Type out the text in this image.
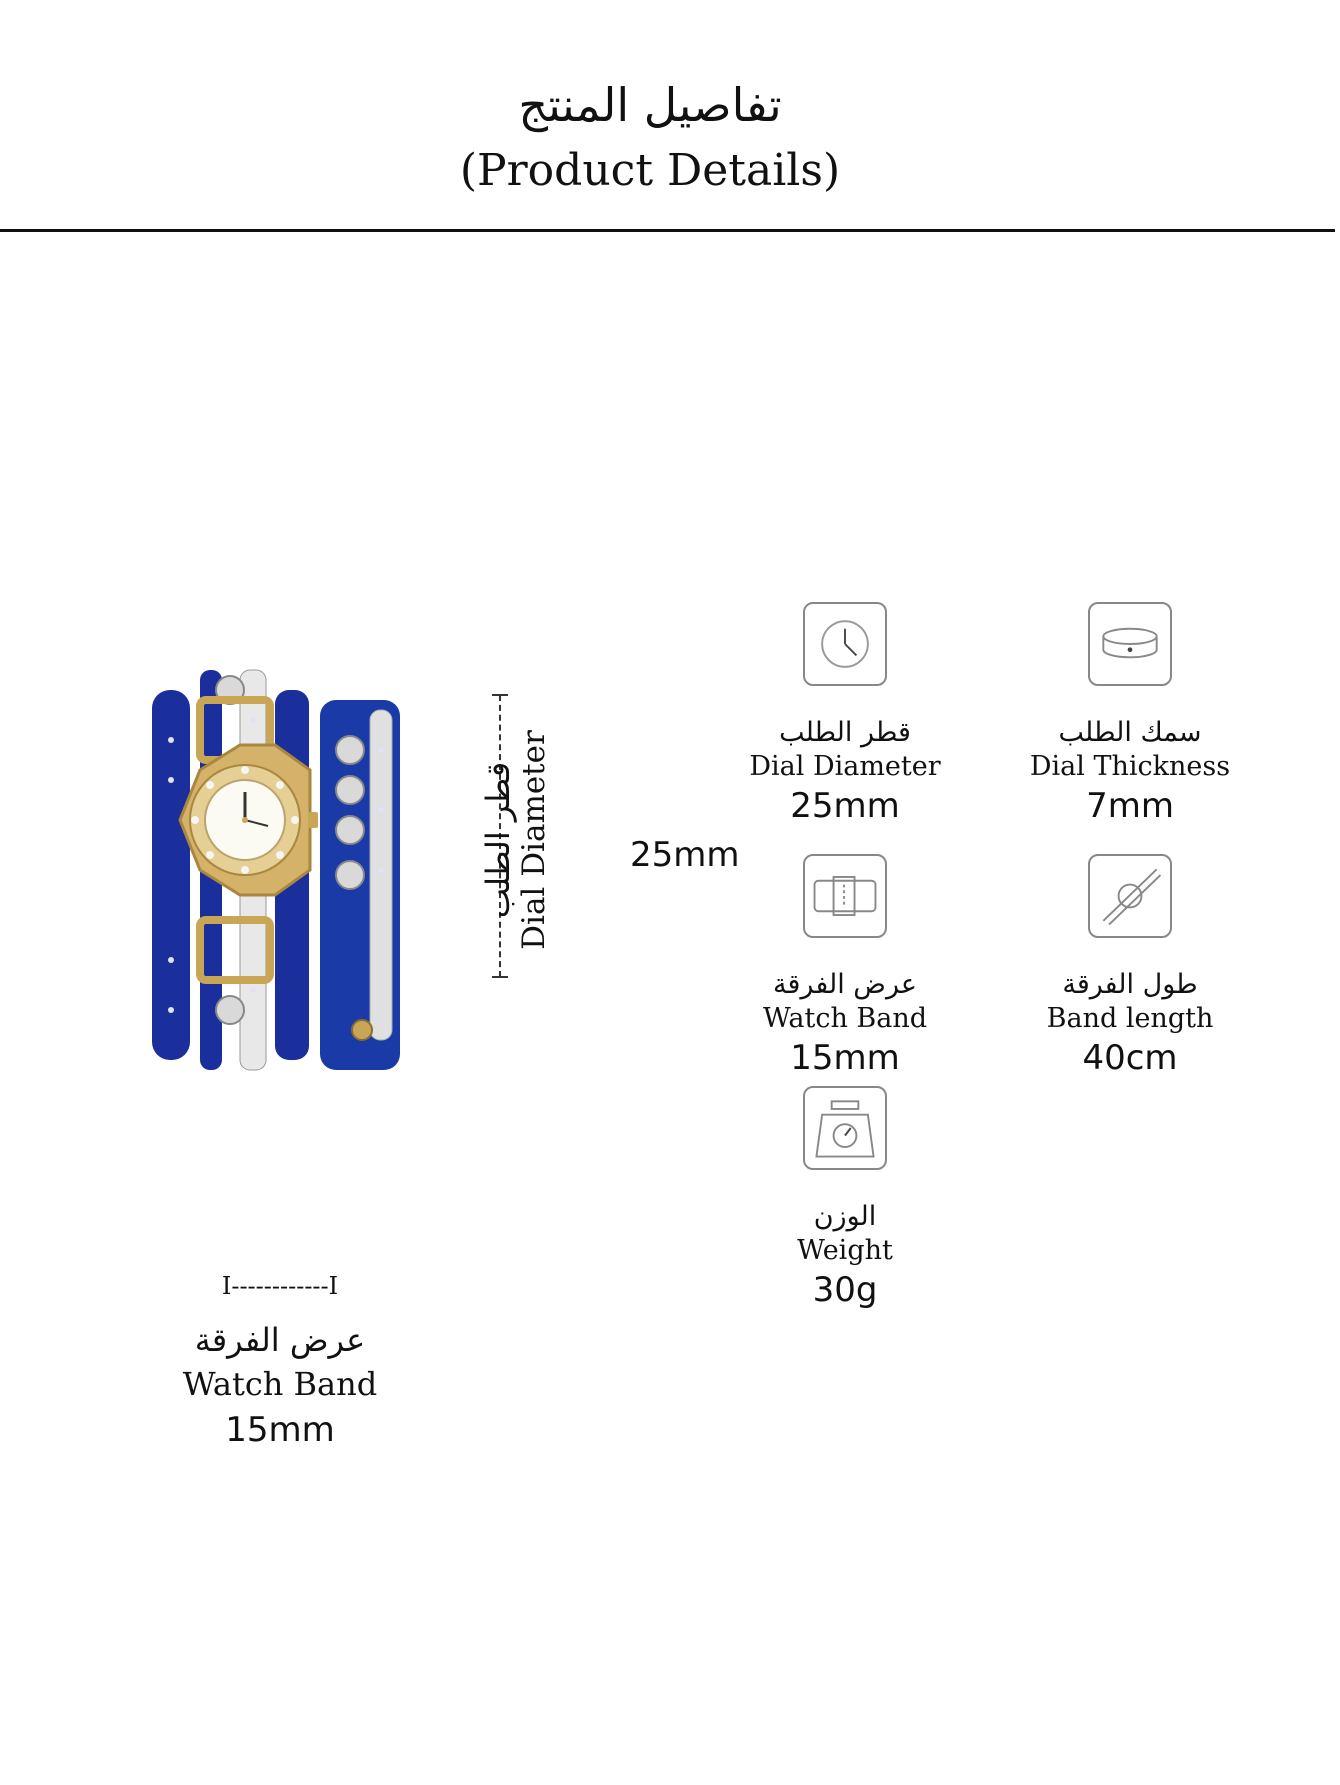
تفاصيل المنتج
(Product Details)
قطر الطلب Dial Diameter 25mm
قطر الطلب
Dial Diameter
25mm
سمك الطلب
Dial Thickness
7mm
عرض الفرقة
Watch Band
15mm
طول الفرقة
Band length
40cm
الوزن
Weight
30g
I------------I
عرض الفرقة
Watch Band
15mm
